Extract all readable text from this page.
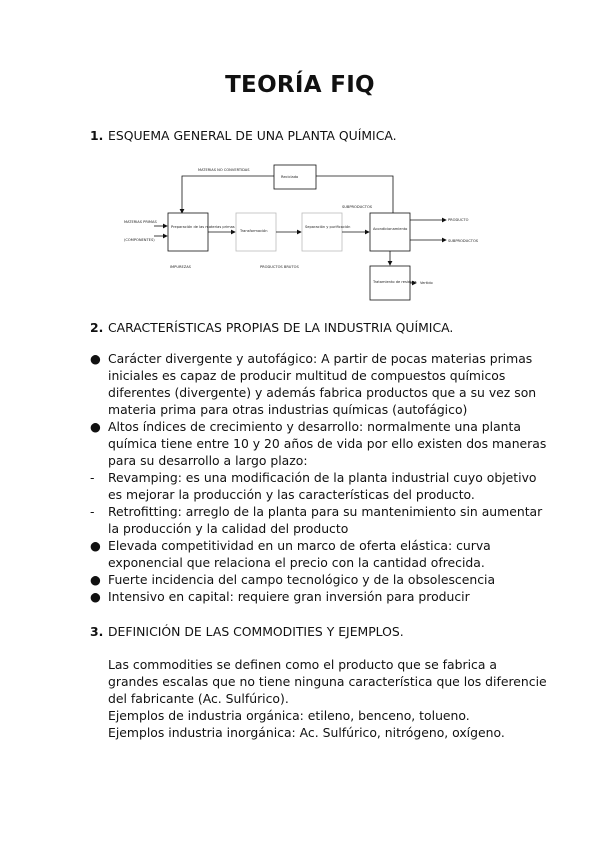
TEORÍA FIQ
1. ESQUEMA GENERAL DE UNA PLANTA QUÍMICA.
MATERIAS NO CONVERTIDAS
Reciclado
MATERIAS PRIMAS
(COMPONENTES)
Preparación de las materias primas
Transformación
Separación y purificación
SUBPRODUCTOS
Acondicionamiento
PRODUCTO
SUBPRODUCTOS
IMPUREZAS	PRODUCTOS BRUTOS
Tratamiento de residuos Vertido
2. CARACTERÍSTICAS PROPIAS DE LA INDUSTRIA QUÍMICA.
● Carácter divergente y autofágico: A partir de pocas materias primas iniciales es capaz de producir multitud de compuestos químicos diferentes (divergente) y además fabrica productos que a su vez son materia prima para otras industrias químicas (autofágico)
● Altos índices de crecimiento y desarrollo: normalmente una planta química tiene entre 10 y 20 años de vida por ello existen dos maneras para su desarrollo a largo plazo:
-	Revamping: es una modificación de la planta industrial cuyo objetivo es mejorar la producción y las características del producto.
-	Retrofitting: arreglo de la planta para su mantenimiento sin aumentar la producción y la calidad del producto
● Elevada competitividad en un marco de oferta elástica: curva exponencial que relaciona el precio con la cantidad ofrecida.
● Fuerte incidencia del campo tecnológico y de la obsolescencia
● Intensivo en capital: requiere gran inversión para producir
3. DEFINICIÓN DE LAS COMMODITIES Y EJEMPLOS.
Las commodities se definen como el producto que se fabrica a grandes escalas que no tiene ninguna característica que los diferencie del fabricante (Ac. Sulfúrico).
Ejemplos de industria orgánica: etileno, benceno, tolueno.
Ejemplos industria inorgánica: Ac. Sulfúrico, nitrógeno, oxígeno.
